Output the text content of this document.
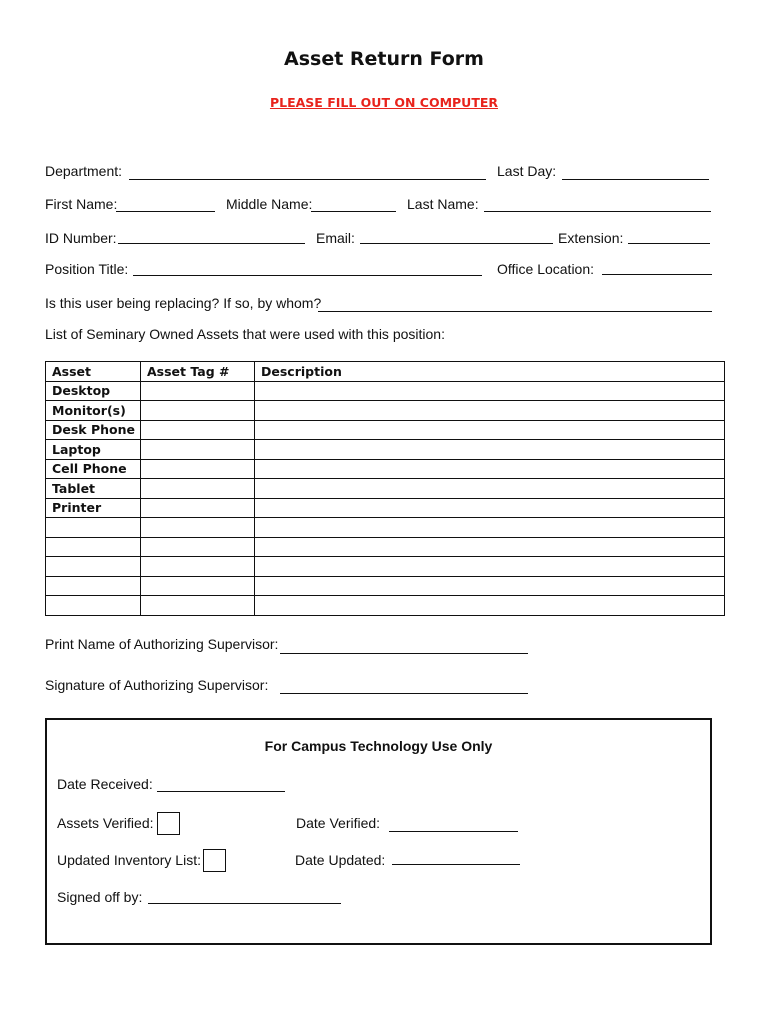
Asset Return Form
PLEASE FILL OUT ON COMPUTER
Department:	Last Day:
First Name:	Middle Name:	Last Name:
ID Number:	Email:	Extension:
Position Title:	Office Location:
Is this user being replacing? If so, by whom?
List of Seminary Owned Assets that were used with this position:
Asset	Asset Tag #	Description
Desktop		
Monitor(s)		
Desk Phone		
Laptop		
Cell Phone		
Tablet		
Printer		

Print Name of Authorizing Supervisor:
Signature of Authorizing Supervisor:
For Campus Technology Use Only
Date Received:
Assets Verified:	Date Verified:
Updated Inventory List:	Date Updated:
Signed off by:
